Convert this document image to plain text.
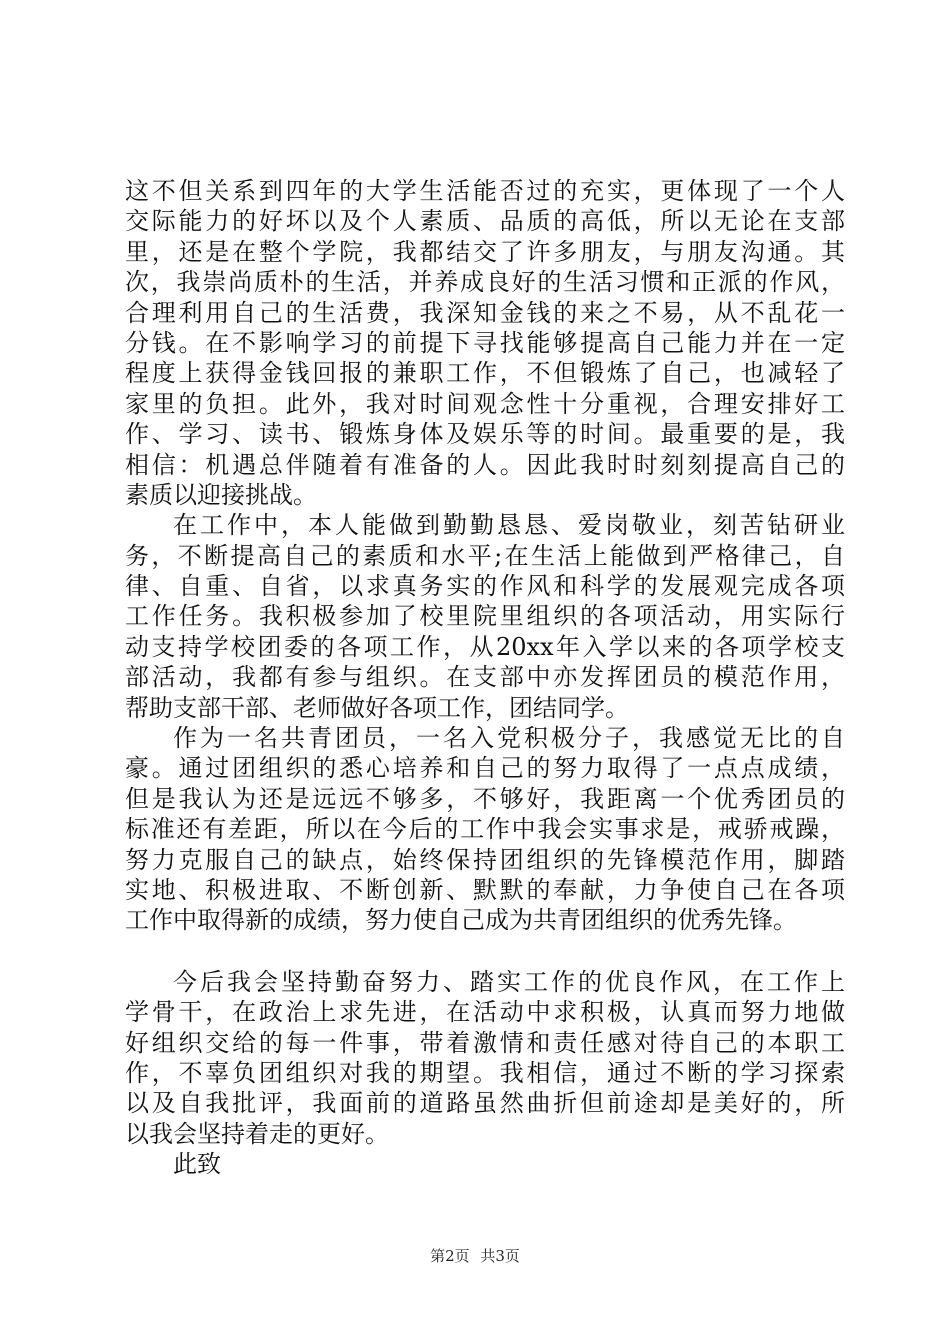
这不但关系到四年的大学生活能否过的充实，更体现了一个人
交际能力的好坏以及个人素质、品质的高低，所以无论在支部
里，还是在整个学院，我都结交了许多朋友，与朋友沟通。其
次，我崇尚质朴的生活，并养成良好的生活习惯和正派的作风，
合理利用自己的生活费，我深知金钱的来之不易，从不乱花一
分钱。在不影响学习的前提下寻找能够提高自己能力并在一定
程度上获得金钱回报的兼职工作，不但锻炼了自己，也减轻了
家里的负担。此外，我对时间观念性十分重视，合理安排好工
作、学习、读书、锻炼身体及娱乐等的时间。最重要的是，我
相信：机遇总伴随着有准备的人。因此我时时刻刻提高自己的
素质以迎接挑战。
在工作中，本人能做到勤勤恳恳、爱岗敬业，刻苦钻研业
务，不断提高自己的素质和水平;在生活上能做到严格律己，自
律、自重、自省，以求真务实的作风和科学的发展观完成各项
工作任务。我积极参加了校里院里组织的各项活动，用实际行
动支持学校团委的各项工作，从20xx年入学以来的各项学校支
部活动，我都有参与组织。在支部中亦发挥团员的模范作用，
帮助支部干部、老师做好各项工作，团结同学。
作为一名共青团员，一名入党积极分子，我感觉无比的自
豪。通过团组织的悉心培养和自己的努力取得了一点点成绩，
但是我认为还是远远不够多，不够好，我距离一个优秀团员的
标准还有差距，所以在今后的工作中我会实事求是，戒骄戒躁，
努力克服自己的缺点，始终保持团组织的先锋模范作用，脚踏
实地、积极进取、不断创新、默默的奉献，力争使自己在各项
工作中取得新的成绩，努力使自己成为共青团组织的优秀先锋。
今后我会坚持勤奋努力、踏实工作的优良作风，在工作上
学骨干，在政治上求先进，在活动中求积极，认真而努力地做
好组织交给的每一件事，带着激情和责任感对待自己的本职工
作，不辜负团组织对我的期望。我相信，通过不断的学习探索
以及自我批评，我面前的道路虽然曲折但前途却是美好的，所
以我会坚持着走的更好。
此致
第2页 共3页
